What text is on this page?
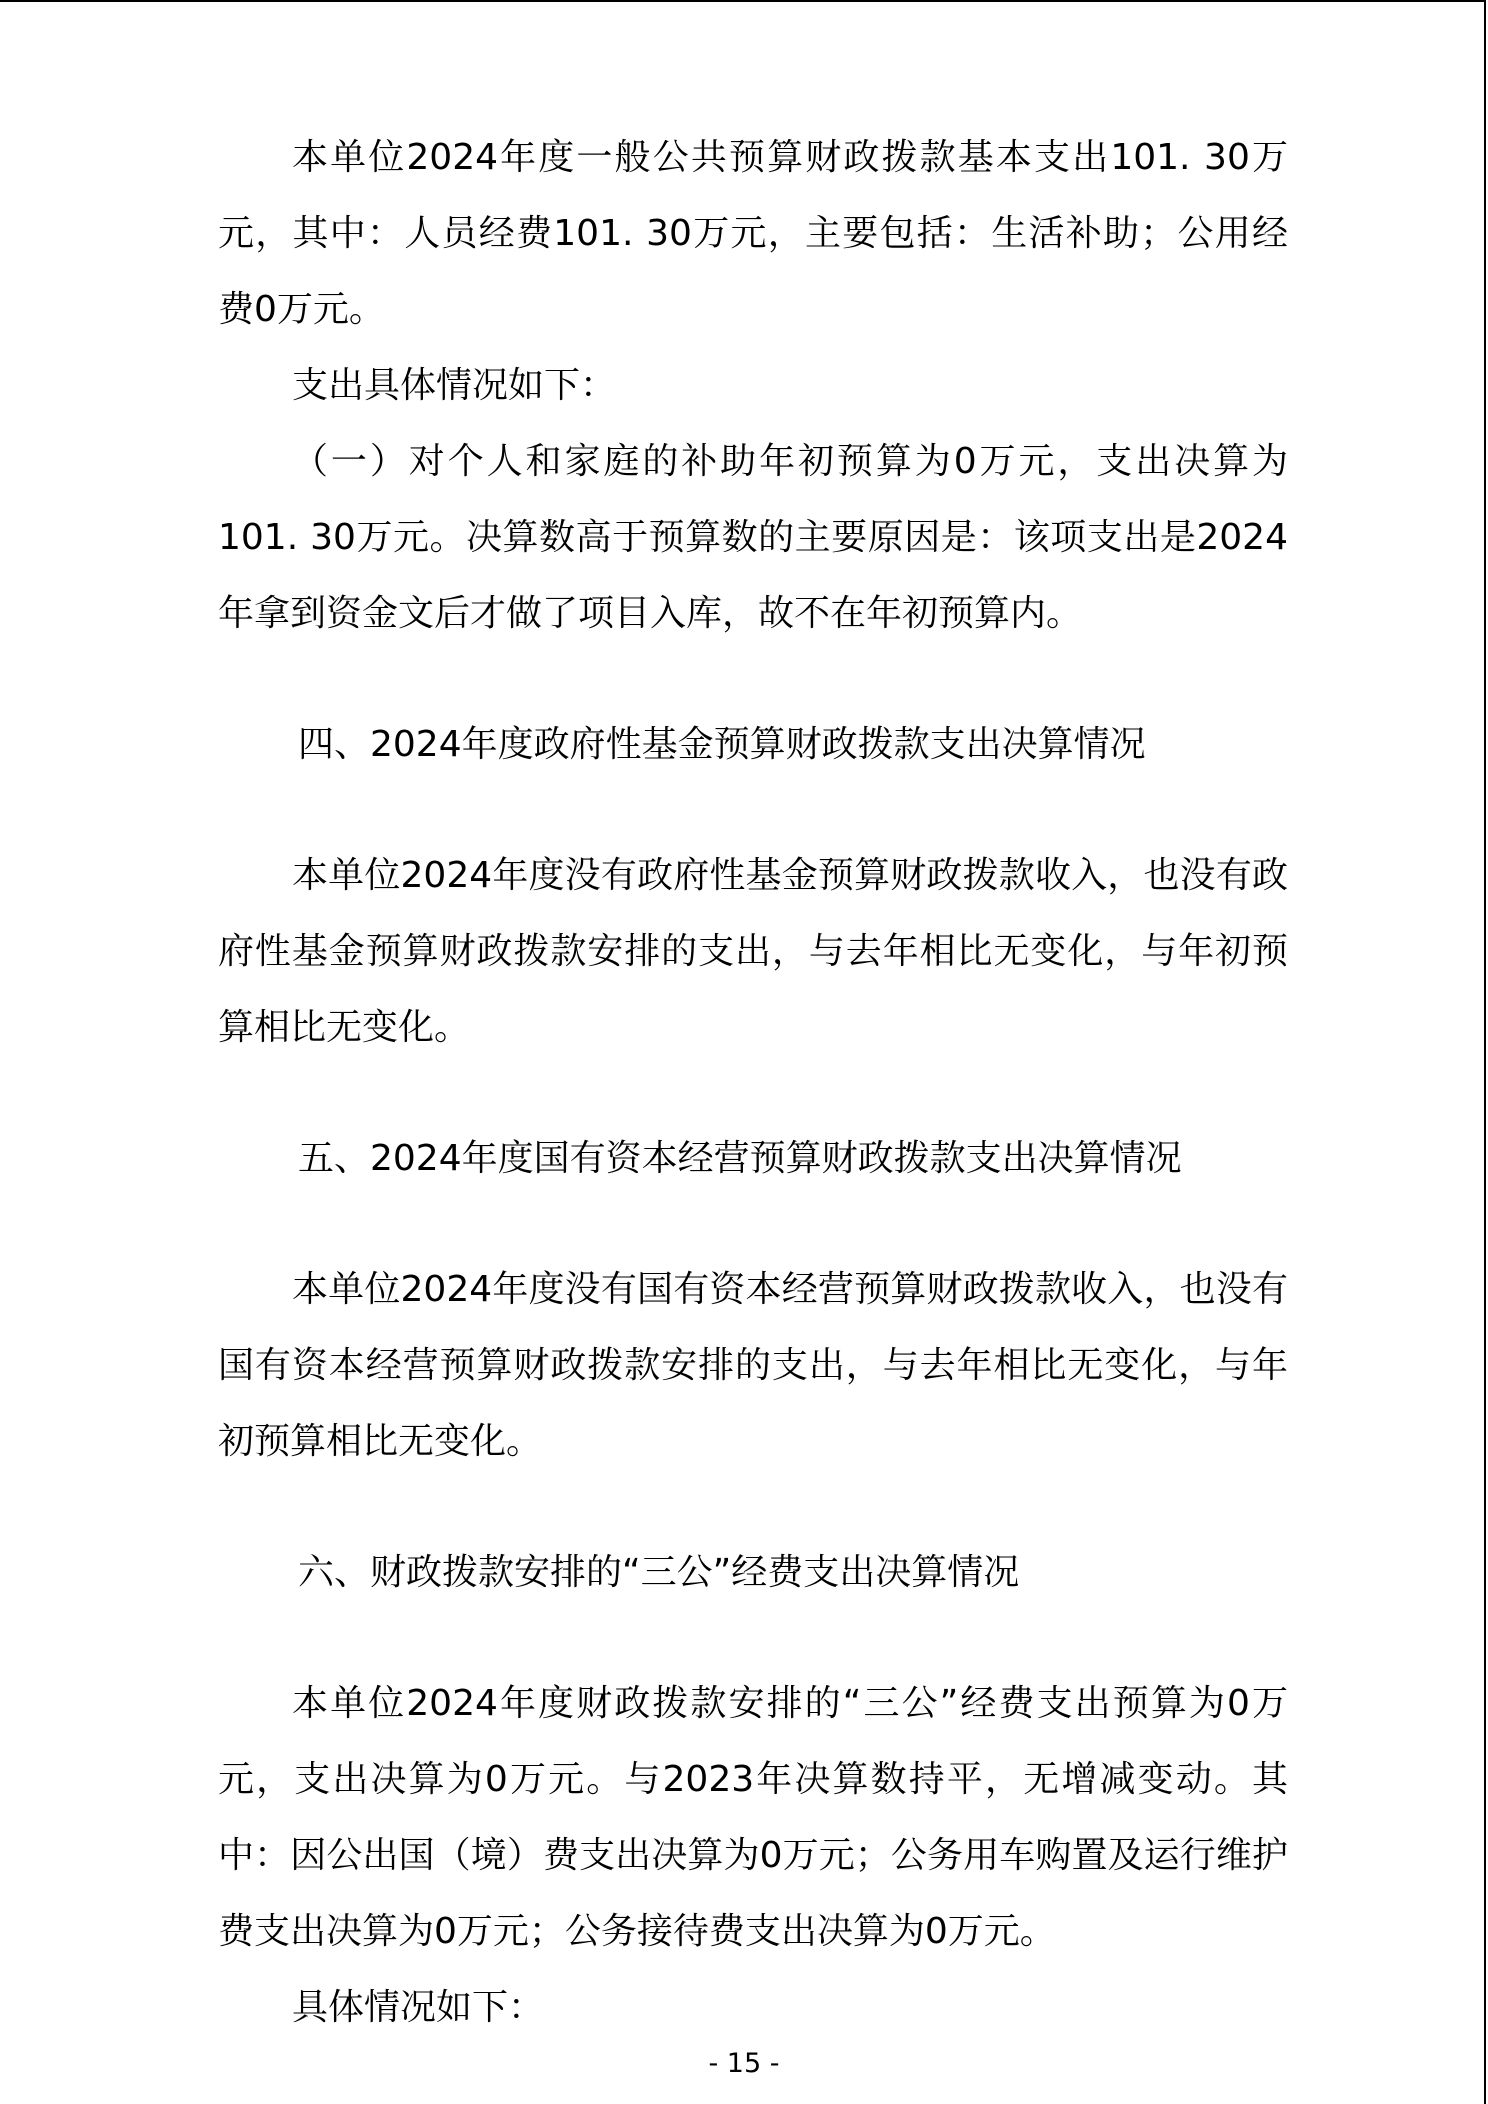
本单位2024年度一般公共预算财政拨款基本支出101. 30万元，其中：人员经费101. 30万元，主要包括：生活补助；公用经费0万元。

支出具体情况如下：

（一）对个人和家庭的补助年初预算为0万元，支出决算为101. 30万元。决算数高于预算数的主要原因是：该项支出是2024年拿到资金文后才做了项目入库，故不在年初预算内。

四、2024年度政府性基金预算财政拨款支出决算情况

本单位2024年度没有政府性基金预算财政拨款收入，也没有政府性基金预算财政拨款安排的支出，与去年相比无变化，与年初预算相比无变化。

五、2024年度国有资本经营预算财政拨款支出决算情况

本单位2024年度没有国有资本经营预算财政拨款收入，也没有国有资本经营预算财政拨款安排的支出，与去年相比无变化，与年初预算相比无变化。

六、财政拨款安排的“三公”经费支出决算情况

本单位2024年度财政拨款安排的“三公”经费支出预算为0万元，支出决算为0万元。与2023年决算数持平，无增减变动。其中：因公出国（境）费支出决算为0万元；公务用车购置及运行维护费支出决算为0万元；公务接待费支出决算为0万元。

具体情况如下：

- 15 -
